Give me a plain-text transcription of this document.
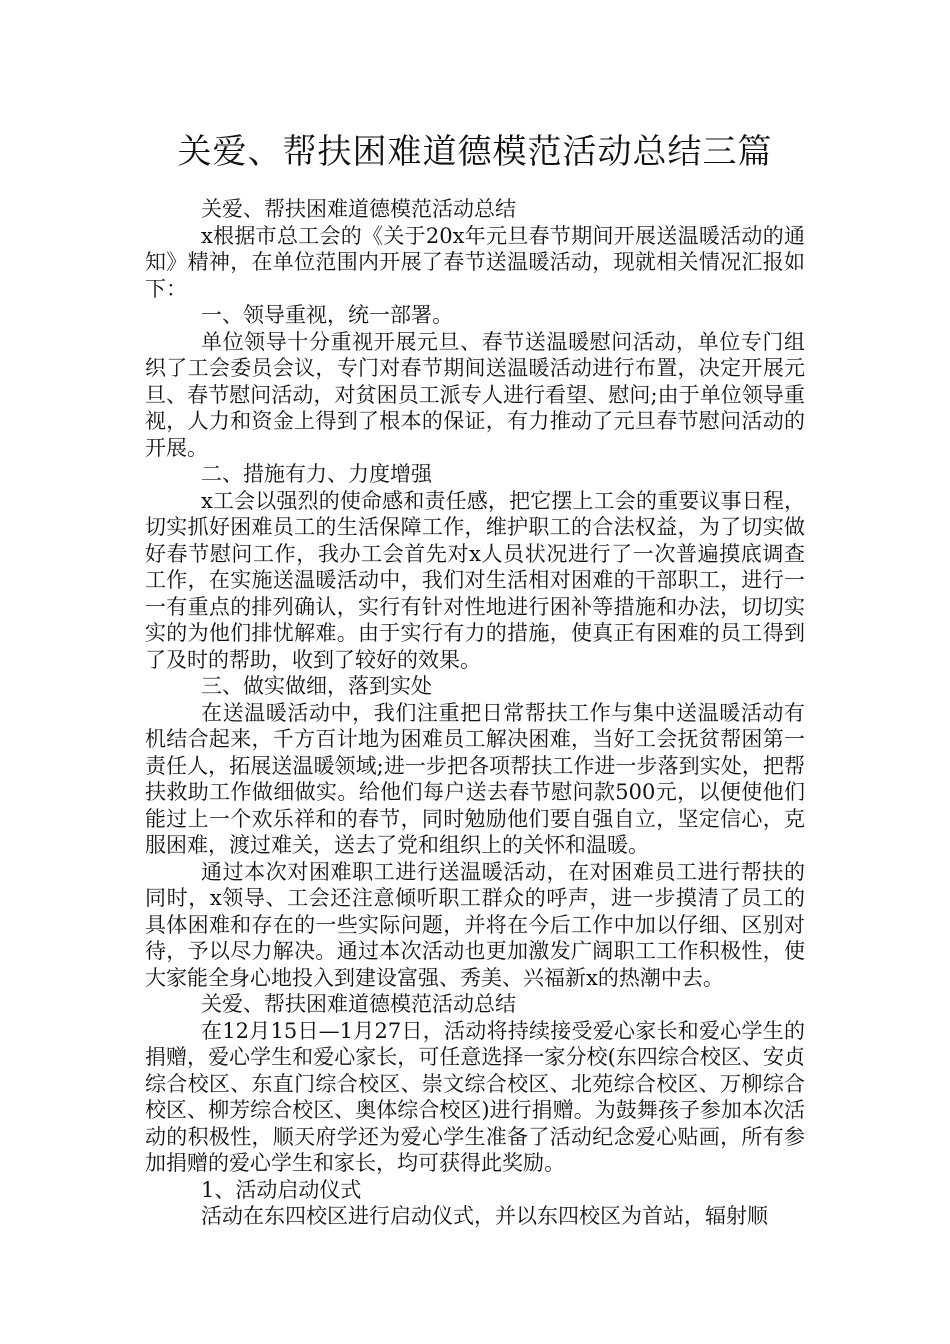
关爱、帮扶困难道德模范活动总结三篇

关爱、帮扶困难道德模范活动总结

x根据市总工会的《关于20x年元旦春节期间开展送温暖活动的通知》精神，在单位范围内开展了春节送温暖活动，现就相关情况汇报如下：

一、领导重视，统一部署。

单位领导十分重视开展元旦、春节送温暖慰问活动，单位专门组织了工会委员会议，专门对春节期间送温暖活动进行布置，决定开展元旦、春节慰问活动，对贫困员工派专人进行看望、慰问;由于单位领导重视，人力和资金上得到了根本的保证，有力推动了元旦春节慰问活动的开展。

二、措施有力、力度增强

x工会以强烈的使命感和责任感，把它摆上工会的重要议事日程，切实抓好困难员工的生活保障工作，维护职工的合法权益，为了切实做好春节慰问工作，我办工会首先对x人员状况进行了一次普遍摸底调查工作，在实施送温暖活动中，我们对生活相对困难的干部职工，进行一一有重点的排列确认，实行有针对性地进行困补等措施和办法，切切实实的为他们排忧解难。由于实行有力的措施，使真正有困难的员工得到了及时的帮助，收到了较好的效果。

三、做实做细，落到实处

在送温暖活动中，我们注重把日常帮扶工作与集中送温暖活动有机结合起来，千方百计地为困难员工解决困难，当好工会抚贫帮困第一责任人，拓展送温暖领域;进一步把各项帮扶工作进一步落到实处，把帮扶救助工作做细做实。给他们每户送去春节慰问款500元，以便使他们能过上一个欢乐祥和的春节，同时勉励他们要自强自立，坚定信心，克服困难，渡过难关，送去了党和组织上的关怀和温暖。

通过本次对困难职工进行送温暖活动，在对困难员工进行帮扶的同时，x领导、工会还注意倾听职工群众的呼声，进一步摸清了员工的具体困难和存在的一些实际问题，并将在今后工作中加以仔细、区别对待，予以尽力解决。通过本次活动也更加激发广阔职工工作积极性，使大家能全身心地投入到建设富强、秀美、兴福新x的热潮中去。

关爱、帮扶困难道德模范活动总结

在12月15日—1月27日，活动将持续接受爱心家长和爱心学生的捐赠，爱心学生和爱心家长，可任意选择一家分校(东四综合校区、安贞综合校区、东直门综合校区、崇文综合校区、北苑综合校区、万柳综合校区、柳芳综合校区、奥体综合校区)进行捐赠。为鼓舞孩子参加本次活动的积极性，顺天府学还为爱心学生准备了活动纪念爱心贴画，所有参加捐赠的爱心学生和家长，均可获得此奖励。

1、活动启动仪式

活动在东四校区进行启动仪式，并以东四校区为首站，辐射顺
